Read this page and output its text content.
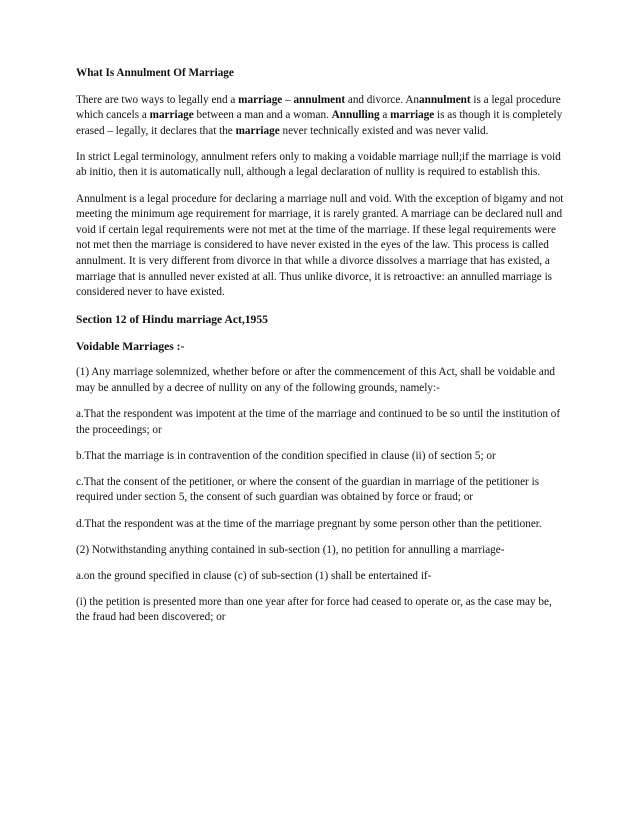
What Is Annulment Of Marriage

There are two ways to legally end a marriage – annulment and divorce. Anannulment is a legal procedure which cancels a marriage between a man and a woman. Annulling a marriage is as though it is completely erased – legally, it declares that the marriage never technically existed and was never valid.

In strict Legal terminology, annulment refers only to making a voidable marriage null;if the marriage is void ab initio, then it is automatically null, although a legal declaration of nullity is required to establish this.

Annulment is a legal procedure for declaring a marriage null and void. With the exception of bigamy and not meeting the minimum age requirement for marriage, it is rarely granted. A marriage can be declared null and void if certain legal requirements were not met at the time of the marriage. If these legal requirements were not met then the marriage is considered to have never existed in the eyes of the law. This process is called annulment. It is very different from divorce in that while a divorce dissolves a marriage that has existed, a marriage that is annulled never existed at all. Thus unlike divorce, it is retroactive: an annulled marriage is considered never to have existed.

Section 12 of Hindu marriage Act,1955
Voidable Marriages :-

(1) Any marriage solemnized, whether before or after the commencement of this Act, shall be voidable and may be annulled by a decree of nullity on any of the following grounds, namely:-

a.That the respondent was impotent at the time of the marriage and continued to be so until the institution of the proceedings; or

b.That the marriage is in contravention of the condition specified in clause (ii) of section 5; or

c.That the consent of the petitioner, or where the consent of the guardian in marriage of the petitioner is required under section 5, the consent of such guardian was obtained by force or fraud; or

d.That the respondent was at the time of the marriage pregnant by some person other than the petitioner.

(2) Notwithstanding anything contained in sub-section (1), no petition for annulling a marriage-

a.on the ground specified in clause (c) of sub-section (1) shall be entertained if-

(i) the petition is presented more than one year after for force had ceased to operate or, as the case may be, the fraud had been discovered; or
